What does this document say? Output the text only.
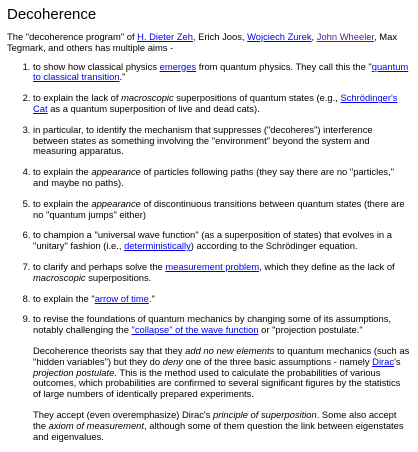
Decoherence

The "decoherence program" of H. Dieter Zeh, Erich Joos, Wojciech Zurek, John Wheeler, Max Tegmark, and others has multiple aims -

1. to show how classical physics emerges from quantum physics. They call this the "quantum to classical transition."
2. to explain the lack of macroscopic superpositions of quantum states (e.g., Schrödinger's Cat as a quantum superposition of live and dead cats).
3. in particular, to identify the mechanism that suppresses ("decoheres") interference between states as something involving the "environment" beyond the system and measuring apparatus.
4. to explain the appearance of particles following paths (they say there are no "particles," and maybe no paths).
5. to explain the appearance of discontinuous transitions between quantum states (there are no "quantum jumps" either)
6. to champion a "universal wave function" (as a superposition of states) that evolves in a "unitary" fashion (i.e., deterministically) according to the Schrödinger equation.
7. to clarify and perhaps solve the measurement problem, which they define as the lack of macroscopic superpositions.
8. to explain the "arrow of time."
9. to revise the foundations of quantum mechanics by changing some of its assumptions, notably challenging the "collapse" of the wave function or "projection postulate."

Decoherence theorists say that they add no new elements to quantum mechanics (such as "hidden variables") but they do deny one of the three basic assumptions - namely Dirac's projection postulate. This is the method used to calculate the probabilities of various outcomes, which probabilities are confirmed to several significant figures by the statistics of large numbers of identically prepared experiments.

They accept (even overemphasize) Dirac's principle of superposition. Some also accept the axiom of measurement, although some of them question the link between eigenstates and eigenvalues.
